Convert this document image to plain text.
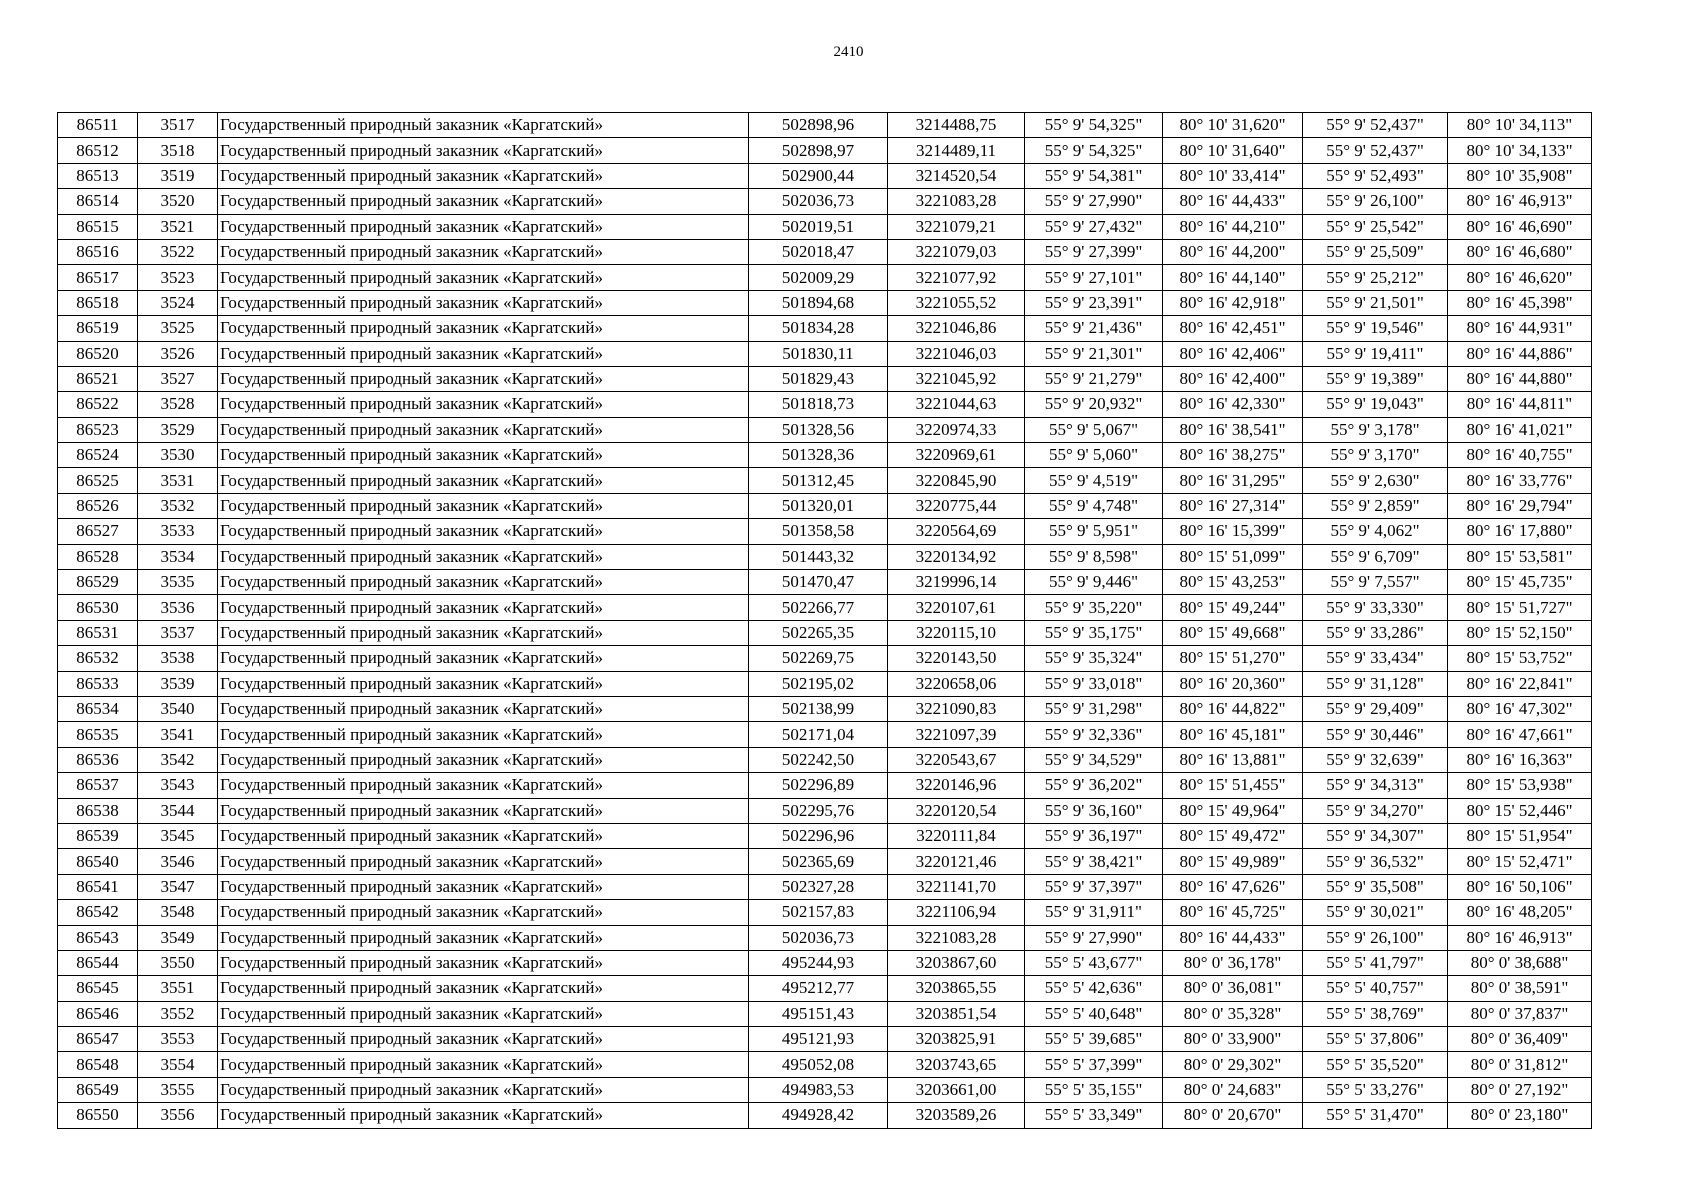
2410
86511	3517	Государственный природный заказник «Каргатский»	502898,96	3214488,75	55° 9' 54,325"	80° 10' 31,620"	55° 9' 52,437"	80° 10' 34,113"
86512	3518	Государственный природный заказник «Каргатский»	502898,97	3214489,11	55° 9' 54,325"	80° 10' 31,640"	55° 9' 52,437"	80° 10' 34,133"
86513	3519	Государственный природный заказник «Каргатский»	502900,44	3214520,54	55° 9' 54,381"	80° 10' 33,414"	55° 9' 52,493"	80° 10' 35,908"
86514	3520	Государственный природный заказник «Каргатский»	502036,73	3221083,28	55° 9' 27,990"	80° 16' 44,433"	55° 9' 26,100"	80° 16' 46,913"
86515	3521	Государственный природный заказник «Каргатский»	502019,51	3221079,21	55° 9' 27,432"	80° 16' 44,210"	55° 9' 25,542"	80° 16' 46,690"
86516	3522	Государственный природный заказник «Каргатский»	502018,47	3221079,03	55° 9' 27,399"	80° 16' 44,200"	55° 9' 25,509"	80° 16' 46,680"
86517	3523	Государственный природный заказник «Каргатский»	502009,29	3221077,92	55° 9' 27,101"	80° 16' 44,140"	55° 9' 25,212"	80° 16' 46,620"
86518	3524	Государственный природный заказник «Каргатский»	501894,68	3221055,52	55° 9' 23,391"	80° 16' 42,918"	55° 9' 21,501"	80° 16' 45,398"
86519	3525	Государственный природный заказник «Каргатский»	501834,28	3221046,86	55° 9' 21,436"	80° 16' 42,451"	55° 9' 19,546"	80° 16' 44,931"
86520	3526	Государственный природный заказник «Каргатский»	501830,11	3221046,03	55° 9' 21,301"	80° 16' 42,406"	55° 9' 19,411"	80° 16' 44,886"
86521	3527	Государственный природный заказник «Каргатский»	501829,43	3221045,92	55° 9' 21,279"	80° 16' 42,400"	55° 9' 19,389"	80° 16' 44,880"
86522	3528	Государственный природный заказник «Каргатский»	501818,73	3221044,63	55° 9' 20,932"	80° 16' 42,330"	55° 9' 19,043"	80° 16' 44,811"
86523	3529	Государственный природный заказник «Каргатский»	501328,56	3220974,33	55° 9' 5,067"	80° 16' 38,541"	55° 9' 3,178"	80° 16' 41,021"
86524	3530	Государственный природный заказник «Каргатский»	501328,36	3220969,61	55° 9' 5,060"	80° 16' 38,275"	55° 9' 3,170"	80° 16' 40,755"
86525	3531	Государственный природный заказник «Каргатский»	501312,45	3220845,90	55° 9' 4,519"	80° 16' 31,295"	55° 9' 2,630"	80° 16' 33,776"
86526	3532	Государственный природный заказник «Каргатский»	501320,01	3220775,44	55° 9' 4,748"	80° 16' 27,314"	55° 9' 2,859"	80° 16' 29,794"
86527	3533	Государственный природный заказник «Каргатский»	501358,58	3220564,69	55° 9' 5,951"	80° 16' 15,399"	55° 9' 4,062"	80° 16' 17,880"
86528	3534	Государственный природный заказник «Каргатский»	501443,32	3220134,92	55° 9' 8,598"	80° 15' 51,099"	55° 9' 6,709"	80° 15' 53,581"
86529	3535	Государственный природный заказник «Каргатский»	501470,47	3219996,14	55° 9' 9,446"	80° 15' 43,253"	55° 9' 7,557"	80° 15' 45,735"
86530	3536	Государственный природный заказник «Каргатский»	502266,77	3220107,61	55° 9' 35,220"	80° 15' 49,244"	55° 9' 33,330"	80° 15' 51,727"
86531	3537	Государственный природный заказник «Каргатский»	502265,35	3220115,10	55° 9' 35,175"	80° 15' 49,668"	55° 9' 33,286"	80° 15' 52,150"
86532	3538	Государственный природный заказник «Каргатский»	502269,75	3220143,50	55° 9' 35,324"	80° 15' 51,270"	55° 9' 33,434"	80° 15' 53,752"
86533	3539	Государственный природный заказник «Каргатский»	502195,02	3220658,06	55° 9' 33,018"	80° 16' 20,360"	55° 9' 31,128"	80° 16' 22,841"
86534	3540	Государственный природный заказник «Каргатский»	502138,99	3221090,83	55° 9' 31,298"	80° 16' 44,822"	55° 9' 29,409"	80° 16' 47,302"
86535	3541	Государственный природный заказник «Каргатский»	502171,04	3221097,39	55° 9' 32,336"	80° 16' 45,181"	55° 9' 30,446"	80° 16' 47,661"
86536	3542	Государственный природный заказник «Каргатский»	502242,50	3220543,67	55° 9' 34,529"	80° 16' 13,881"	55° 9' 32,639"	80° 16' 16,363"
86537	3543	Государственный природный заказник «Каргатский»	502296,89	3220146,96	55° 9' 36,202"	80° 15' 51,455"	55° 9' 34,313"	80° 15' 53,938"
86538	3544	Государственный природный заказник «Каргатский»	502295,76	3220120,54	55° 9' 36,160"	80° 15' 49,964"	55° 9' 34,270"	80° 15' 52,446"
86539	3545	Государственный природный заказник «Каргатский»	502296,96	3220111,84	55° 9' 36,197"	80° 15' 49,472"	55° 9' 34,307"	80° 15' 51,954"
86540	3546	Государственный природный заказник «Каргатский»	502365,69	3220121,46	55° 9' 38,421"	80° 15' 49,989"	55° 9' 36,532"	80° 15' 52,471"
86541	3547	Государственный природный заказник «Каргатский»	502327,28	3221141,70	55° 9' 37,397"	80° 16' 47,626"	55° 9' 35,508"	80° 16' 50,106"
86542	3548	Государственный природный заказник «Каргатский»	502157,83	3221106,94	55° 9' 31,911"	80° 16' 45,725"	55° 9' 30,021"	80° 16' 48,205"
86543	3549	Государственный природный заказник «Каргатский»	502036,73	3221083,28	55° 9' 27,990"	80° 16' 44,433"	55° 9' 26,100"	80° 16' 46,913"
86544	3550	Государственный природный заказник «Каргатский»	495244,93	3203867,60	55° 5' 43,677"	80° 0' 36,178"	55° 5' 41,797"	80° 0' 38,688"
86545	3551	Государственный природный заказник «Каргатский»	495212,77	3203865,55	55° 5' 42,636"	80° 0' 36,081"	55° 5' 40,757"	80° 0' 38,591"
86546	3552	Государственный природный заказник «Каргатский»	495151,43	3203851,54	55° 5' 40,648"	80° 0' 35,328"	55° 5' 38,769"	80° 0' 37,837"
86547	3553	Государственный природный заказник «Каргатский»	495121,93	3203825,91	55° 5' 39,685"	80° 0' 33,900"	55° 5' 37,806"	80° 0' 36,409"
86548	3554	Государственный природный заказник «Каргатский»	495052,08	3203743,65	55° 5' 37,399"	80° 0' 29,302"	55° 5' 35,520"	80° 0' 31,812"
86549	3555	Государственный природный заказник «Каргатский»	494983,53	3203661,00	55° 5' 35,155"	80° 0' 24,683"	55° 5' 33,276"	80° 0' 27,192"
86550	3556	Государственный природный заказник «Каргатский»	494928,42	3203589,26	55° 5' 33,349"	80° 0' 20,670"	55° 5' 31,470"	80° 0' 23,180"
